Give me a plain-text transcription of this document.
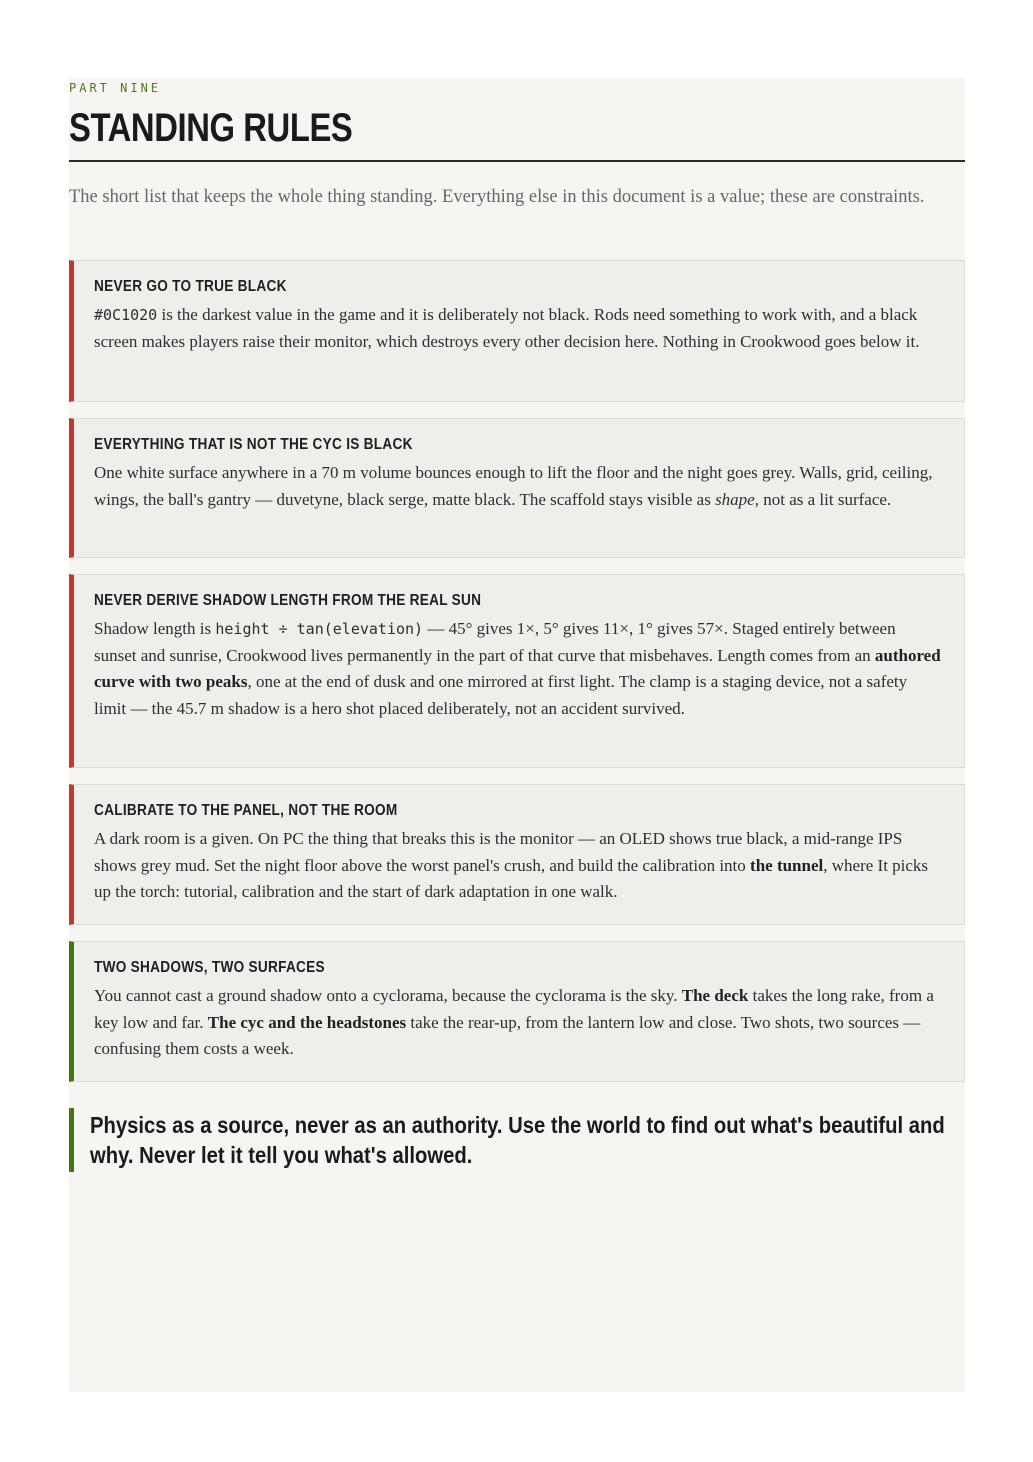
PART NINE

STANDING RULES

The short list that keeps the whole thing standing. Everything else in this document is a value; these are constraints.

NEVER GO TO TRUE BLACK

#0C1020 is the darkest value in the game and it is deliberately not black. Rods need something to work with, and a black screen makes players raise their monitor, which destroys every other decision here. Nothing in Crookwood goes below it.

EVERYTHING THAT IS NOT THE CYC IS BLACK

One white surface anywhere in a 70 m volume bounces enough to lift the floor and the night goes grey. Walls, grid, ceiling, wings, the ball's gantry — duvetyne, black serge, matte black. The scaffold stays visible as shape, not as a lit surface.

NEVER DERIVE SHADOW LENGTH FROM THE REAL SUN

Shadow length is height ÷ tan(elevation) — 45° gives 1×, 5° gives 11×, 1° gives 57×. Staged entirely between sunset and sunrise, Crookwood lives permanently in the part of that curve that misbehaves. Length comes from an authored curve with two peaks, one at the end of dusk and one mirrored at first light. The clamp is a staging device, not a safety limit — the 45.7 m shadow is a hero shot placed deliberately, not an accident survived.

CALIBRATE TO THE PANEL, NOT THE ROOM

A dark room is a given. On PC the thing that breaks this is the monitor — an OLED shows true black, a mid-range IPS shows grey mud. Set the night floor above the worst panel's crush, and build the calibration into the tunnel, where It picks up the torch: tutorial, calibration and the start of dark adaptation in one walk.

TWO SHADOWS, TWO SURFACES

You cannot cast a ground shadow onto a cyclorama, because the cyclorama is the sky. The deck takes the long rake, from a key low and far. The cyc and the headstones take the rear-up, from the lantern low and close. Two shots, two sources — confusing them costs a week.

Physics as a source, never as an authority. Use the world to find out what's beautiful and why. Never let it tell you what's allowed.
